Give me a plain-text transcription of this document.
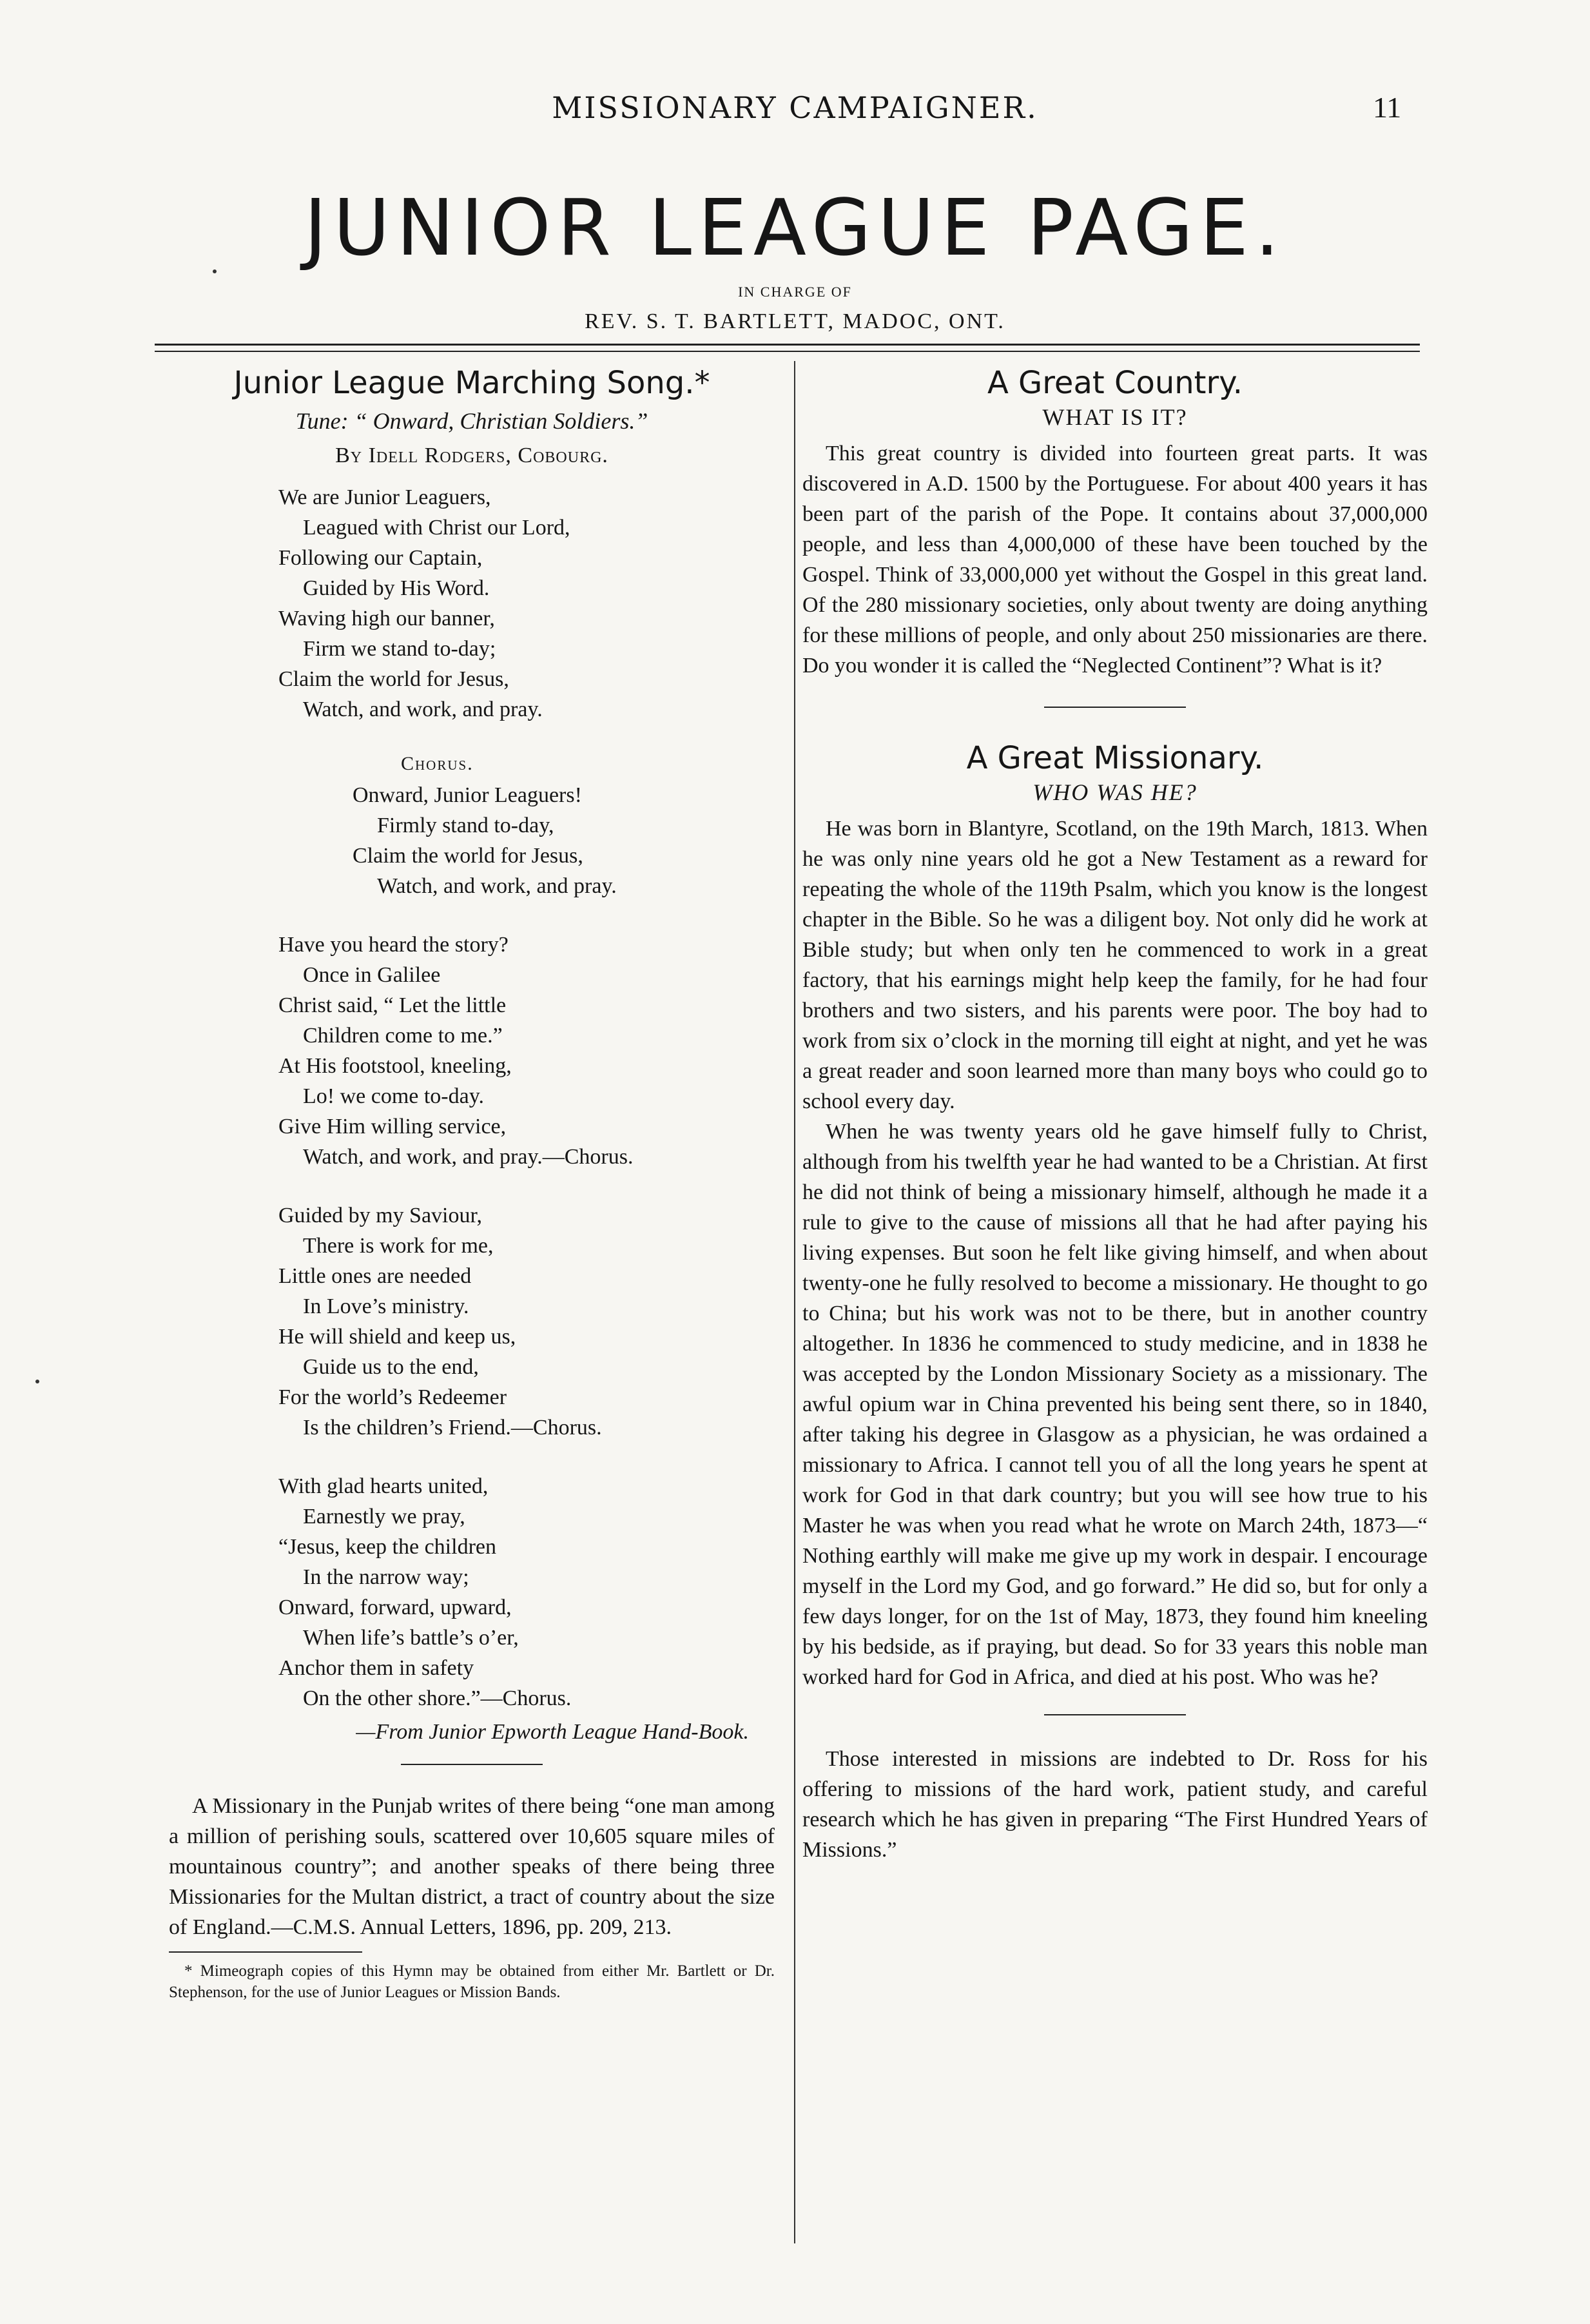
MISSIONARY CAMPAIGNER.	11
JUNIOR LEAGUE PAGE.
IN CHARGE OF
REV. S. T. BARTLETT, MADOC, ONT.
Junior League Marching Song.*
Tune: “ Onward, Christian Soldiers.”
By Idell Rodgers, Cobourg.
We are Junior Leaguers,
Leagued with Christ our Lord,
Following our Captain,
Guided by His Word.
Waving high our banner,
Firm we stand to-day;
Claim the world for Jesus,
Watch, and work, and pray.
Chorus.
Onward, Junior Leaguers!
Firmly stand to-day,
Claim the world for Jesus,
Watch, and work, and pray.
Have you heard the story?
Once in Galilee
Christ said, “ Let the little
Children come to me.”
At His footstool, kneeling,
Lo! we come to-day.
Give Him willing service,
Watch, and work, and pray.—Chorus.
Guided by my Saviour,
There is work for me,
Little ones are needed
In Love’s ministry.
He will shield and keep us,
Guide us to the end,
For the world’s Redeemer
Is the children’s Friend.—Chorus.
With glad hearts united,
Earnestly we pray,
“Jesus, keep the children
In the narrow way;
Onward, forward, upward,
When life’s battle’s o’er,
Anchor them in safety
On the other shore.”—Chorus.
—From Junior Epworth League Hand-Book.

A Missionary in the Punjab writes of there being “one man among a million of perishing souls, scattered over 10,605 square miles of mountainous country”; and another speaks of there being three Missionaries for the Multan district, a tract of country about the size of England.—C.M.S. Annual Letters, 1896, pp. 209, 213.

* Mimeograph copies of this Hymn may be obtained from either Mr. Bartlett or Dr. Stephenson, for the use of Junior Leagues or Mission Bands.

A Great Country.
WHAT IS IT?

This great country is divided into fourteen great parts. It was discovered in A.D. 1500 by the Portuguese. For about 400 years it has been part of the parish of the Pope. It contains about 37,000,000 people, and less than 4,000,000 of these have been touched by the Gospel. Think of 33,000,000 yet without the Gospel in this great land. Of the 280 missionary societies, only about twenty are doing anything for these millions of people, and only about 250 missionaries are there. Do you wonder it is called the “Neglected Continent”? What is it?

A Great Missionary.
WHO WAS HE?

He was born in Blantyre, Scotland, on the 19th March, 1813. When he was only nine years old he got a New Testament as a reward for repeating the whole of the 119th Psalm, which you know is the longest chapter in the Bible. So he was a diligent boy. Not only did he work at Bible study; but when only ten he commenced to work in a great factory, that his earnings might help keep the family, for he had four brothers and two sisters, and his parents were poor. The boy had to work from six o’clock in the morning till eight at night, and yet he was a great reader and soon learned more than many boys who could go to school every day.

When he was twenty years old he gave himself fully to Christ, although from his twelfth year he had wanted to be a Christian. At first he did not think of being a missionary himself, although he made it a rule to give to the cause of missions all that he had after paying his living expenses. But soon he felt like giving himself, and when about twenty-one he fully resolved to become a missionary. He thought to go to China; but his work was not to be there, but in another country altogether. In 1836 he commenced to study medicine, and in 1838 he was accepted by the London Missionary Society as a missionary. The awful opium war in China prevented his being sent there, so in 1840, after taking his degree in Glasgow as a physician, he was ordained a missionary to Africa. I cannot tell you of all the long years he spent at work for God in that dark country; but you will see how true to his Master he was when you read what he wrote on March 24th, 1873—“ Nothing earthly will make me give up my work in despair. I encourage myself in the Lord my God, and go forward.” He did so, but for only a few days longer, for on the 1st of May, 1873, they found him kneeling by his bedside, as if praying, but dead. So for 33 years this noble man worked hard for God in Africa, and died at his post. Who was he?

Those interested in missions are indebted to Dr. Ross for his offering to missions of the hard work, patient study, and careful research which he has given in preparing “The First Hundred Years of Missions.”
